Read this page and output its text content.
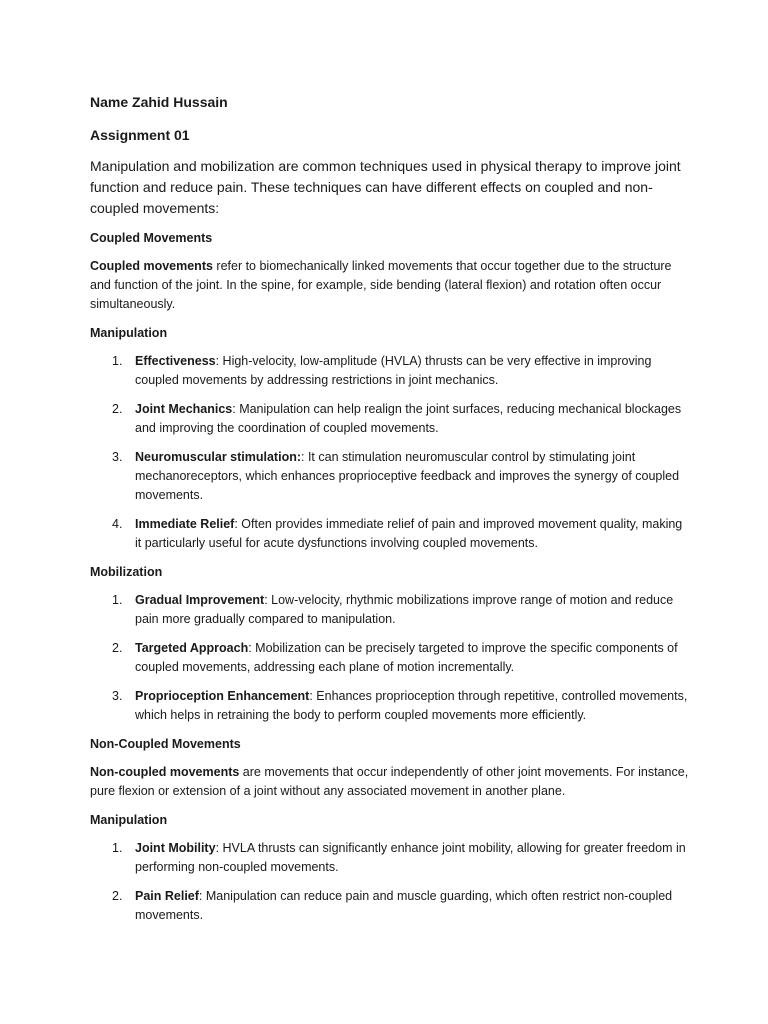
Name Zahid Hussain
Assignment 01

Manipulation and mobilization are common techniques used in physical therapy to improve joint function and reduce pain. These techniques can have different effects on coupled and non-coupled movements:

Coupled Movements

Coupled movements refer to biomechanically linked movements that occur together due to the structure and function of the joint. In the spine, for example, side bending (lateral flexion) and rotation often occur simultaneously.

Manipulation
1. Effectiveness: High-velocity, low-amplitude (HVLA) thrusts can be very effective in improving coupled movements by addressing restrictions in joint mechanics.
2. Joint Mechanics: Manipulation can help realign the joint surfaces, reducing mechanical blockages and improving the coordination of coupled movements.
3. Neuromuscular stimulation:: It can stimulation neuromuscular control by stimulating joint mechanoreceptors, which enhances proprioceptive feedback and improves the synergy of coupled movements.
4. Immediate Relief: Often provides immediate relief of pain and improved movement quality, making it particularly useful for acute dysfunctions involving coupled movements.
Mobilization
1. Gradual Improvement: Low-velocity, rhythmic mobilizations improve range of motion and reduce pain more gradually compared to manipulation.
2. Targeted Approach: Mobilization can be precisely targeted to improve the specific components of coupled movements, addressing each plane of motion incrementally.
3. Proprioception Enhancement: Enhances proprioception through repetitive, controlled movements, which helps in retraining the body to perform coupled movements more efficiently.
Non-Coupled Movements

Non-coupled movements are movements that occur independently of other joint movements. For instance, pure flexion or extension of a joint without any associated movement in another plane.

Manipulation
1. Joint Mobility: HVLA thrusts can significantly enhance joint mobility, allowing for greater freedom in performing non-coupled movements.
2. Pain Relief: Manipulation can reduce pain and muscle guarding, which often restrict non-coupled movements.
